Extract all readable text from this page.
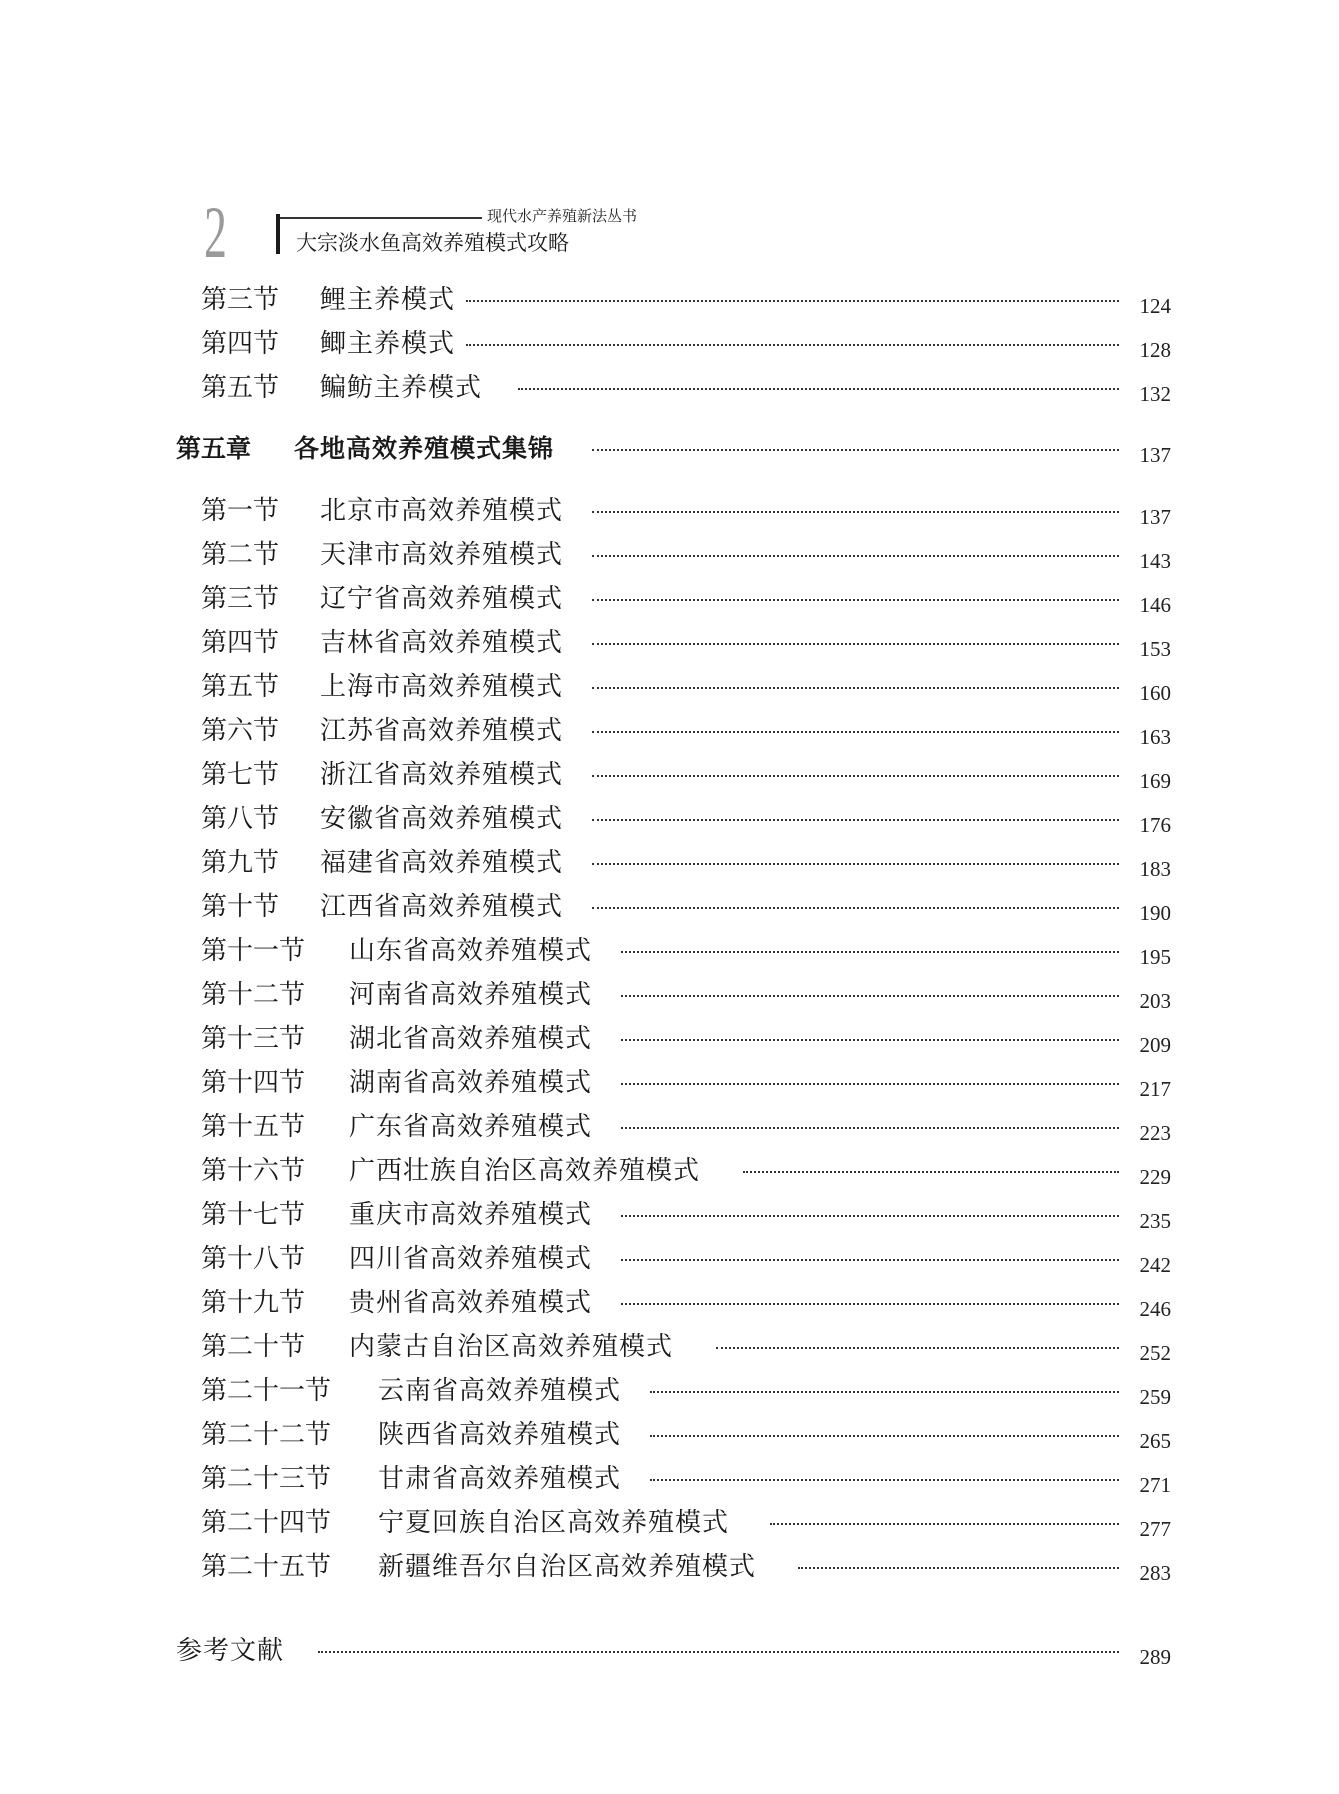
2	现代水产养殖新法丛书
大宗淡水鱼高效养殖模式攻略
第三节 鲤主养模式	124
第四节 鲫主养模式	128
第五节 鳊鲂主养模式	132
第五章 各地高效养殖模式集锦	137
第一节 北京市高效养殖模式	137
第二节 天津市高效养殖模式	143
第三节 辽宁省高效养殖模式	146
第四节 吉林省高效养殖模式	153
第五节 上海市高效养殖模式	160
第六节 江苏省高效养殖模式	163
第七节 浙江省高效养殖模式	169
第八节 安徽省高效养殖模式	176
第九节 福建省高效养殖模式	183
第十节 江西省高效养殖模式	190
第十一节 山东省高效养殖模式	195
第十二节 河南省高效养殖模式	203
第十三节 湖北省高效养殖模式	209
第十四节 湖南省高效养殖模式	217
第十五节 广东省高效养殖模式	223
第十六节 广西壮族自治区高效养殖模式	229
第十七节 重庆市高效养殖模式	235
第十八节 四川省高效养殖模式	242
第十九节 贵州省高效养殖模式	246
第二十节 内蒙古自治区高效养殖模式	252
第二十一节 云南省高效养殖模式	259
第二十二节 陕西省高效养殖模式	265
第二十三节 甘肃省高效养殖模式	271
第二十四节 宁夏回族自治区高效养殖模式	277
第二十五节 新疆维吾尔自治区高效养殖模式	283
参考文献	289
